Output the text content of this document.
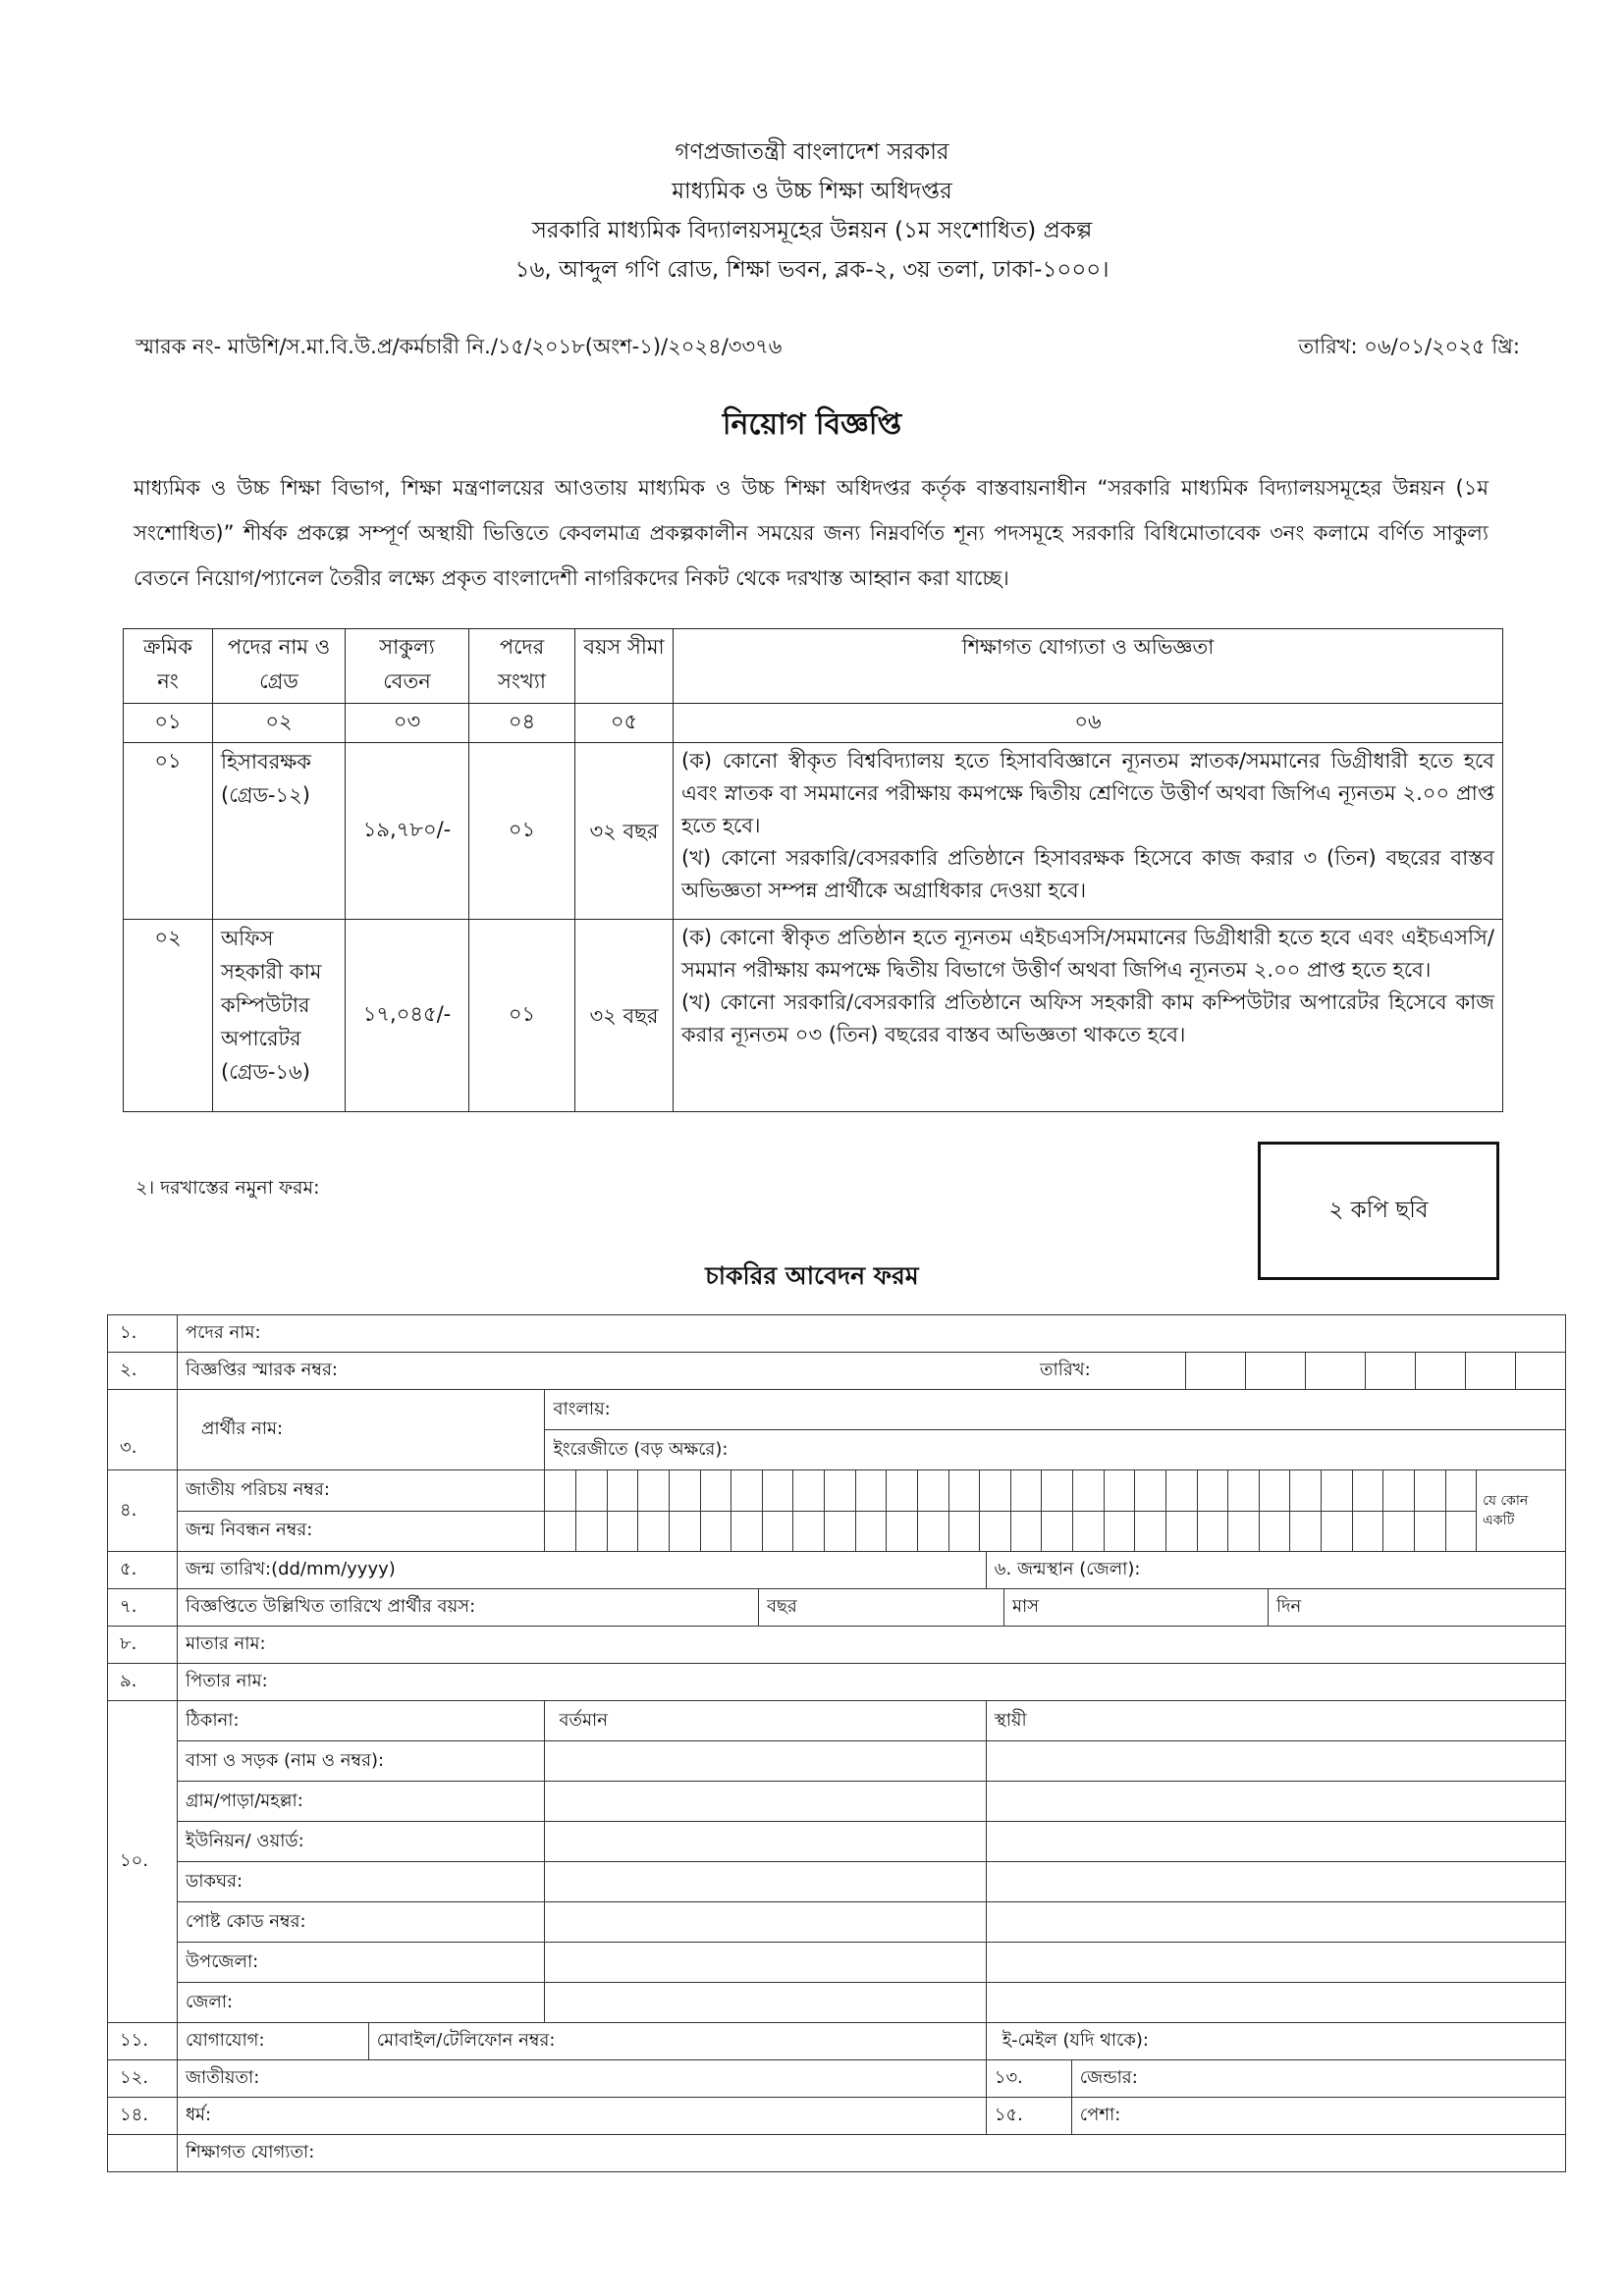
গণপ্রজাতন্ত্রী বাংলাদেশ সরকার
মাধ্যমিক ও উচ্চ শিক্ষা অধিদপ্তর
সরকারি মাধ্যমিক বিদ্যালয়সমূহের উন্নয়ন (১ম সংশোধিত) প্রকল্প
১৬, আব্দুল গণি রোড, শিক্ষা ভবন, ব্লক-২, ৩য় তলা, ঢাকা-১০০০।
স্মারক নং- মাউশি/স.মা.বি.উ.প্র/কর্মচারী নি./১৫/২০১৮(অংশ-১)/২০২৪/৩৩৭৬	তারিখ: ০৬/০১/২০২৫ খ্রি:
নিয়োগ বিজ্ঞপ্তি
মাধ্যমিক ও উচ্চ শিক্ষা বিভাগ, শিক্ষা মন্ত্রণালয়ের আওতায় মাধ্যমিক ও উচ্চ শিক্ষা অধিদপ্তর কর্তৃক বাস্তবায়নাধীন “সরকারি মাধ্যমিক বিদ্যালয়সমূহের উন্নয়ন (১ম সংশোধিত)” শীর্ষক প্রকল্পে সম্পূর্ণ অস্থায়ী ভিত্তিতে কেবলমাত্র প্রকল্পকালীন সময়ের জন্য নিম্নবর্ণিত শূন্য পদসমূহে সরকারি বিধিমোতাবেক ৩নং কলামে বর্ণিত সাকুল্য বেতনে নিয়োগ/প্যানেল তৈরীর লক্ষ্যে প্রকৃত বাংলাদেশী নাগরিকদের নিকট থেকে দরখাস্ত আহ্বান করা যাচ্ছে।
ক্রমিক নং	পদের নাম ও গ্রেড	সাকুল্য বেতন	পদের সংখ্যা	বয়স সীমা	শিক্ষাগত যোগ্যতা ও অভিজ্ঞতা
০১	০২	০৩	০৪	০৫	০৬
০১	হিসাবরক্ষক (গ্রেড-১২)	১৯,৭৮০/-	০১	৩২ বছর	(ক) কোনো স্বীকৃত বিশ্ববিদ্যালয় হতে হিসাববিজ্ঞানে ন্যূনতম স্নাতক/সমমানের ডিগ্রীধারী হতে হবে এবং স্নাতক বা সমমানের পরীক্ষায় কমপক্ষে দ্বিতীয় শ্রেণিতে উত্তীর্ণ অথবা জিপিএ ন্যূনতম ২.০০ প্রাপ্ত হতে হবে।
(খ) কোনো সরকারি/বেসরকারি প্রতিষ্ঠানে হিসাবরক্ষক হিসেবে কাজ করার ৩ (তিন) বছরের বাস্তব অভিজ্ঞতা সম্পন্ন প্রার্থীকে অগ্রাধিকার দেওয়া হবে।

০২	অফিস সহকারী কাম কম্পিউটার অপারেটর (গ্রেড-১৬)	১৭,০৪৫/-	০১	৩২ বছর	(ক) কোনো স্বীকৃত প্রতিষ্ঠান হতে ন্যূনতম এইচএসসি/সমমানের ডিগ্রীধারী হতে হবে এবং এইচএসসি/সমমান পরীক্ষায় কমপক্ষে দ্বিতীয় বিভাগে উত্তীর্ণ অথবা জিপিএ ন্যূনতম ২.০০ প্রাপ্ত হতে হবে।
(খ) কোনো সরকারি/বেসরকারি প্রতিষ্ঠানে অফিস সহকারী কাম কম্পিউটার অপারেটর হিসেবে কাজ করার ন্যূনতম ০৩ (তিন) বছরের বাস্তব অভিজ্ঞতা থাকতে হবে।
২। দরখাস্তের নমুনা ফরম:
২ কপি ছবি
চাকরির আবেদন ফরম
১.	পদের নাম:
২.		বিজ্ঞপ্তির স্মারক নম্বর:	তারিখ:							

৩.	প্রার্থীর নাম:	বাংলায়:
ইংরেজীতে (বড় অক্ষরে):
৪.	জাতীয় পরিচয় নম্বর:	
																														যে কোন একটি

জন্ম নিবন্ধন নম্বর:
৫.	জন্ম তারিখ:(dd/mm/yyyy)	৬. জন্মস্থান (জেলা):
৭.		বিজ্ঞপ্তিতে উল্লিখিত তারিখে প্রার্থীর বয়স:	বছর	মাস	দিন

৮.	মাতার নাম:
৯.	পিতার নাম:
১০.	ঠিকানা:	বর্তমান	স্থায়ী
বাসা ও সড়ক (নাম ও নম্বর):		
গ্রাম/পাড়া/মহল্লা:		
ইউনিয়ন/ ওয়ার্ড:		
ডাকঘর:		
পোষ্ট কোড নম্বর:		
উপজেলা:		
জেলা:		
১১.	যোগাযোগ:	মোবাইল/টেলিফোন নম্বর:	ই-মেইল (যদি থাকে):
১২.	জাতীয়তা:		১৩.	জেন্ডার:

১৪.	ধর্ম:		১৫.	পেশা:

	শিক্ষাগত যোগ্যতা:
